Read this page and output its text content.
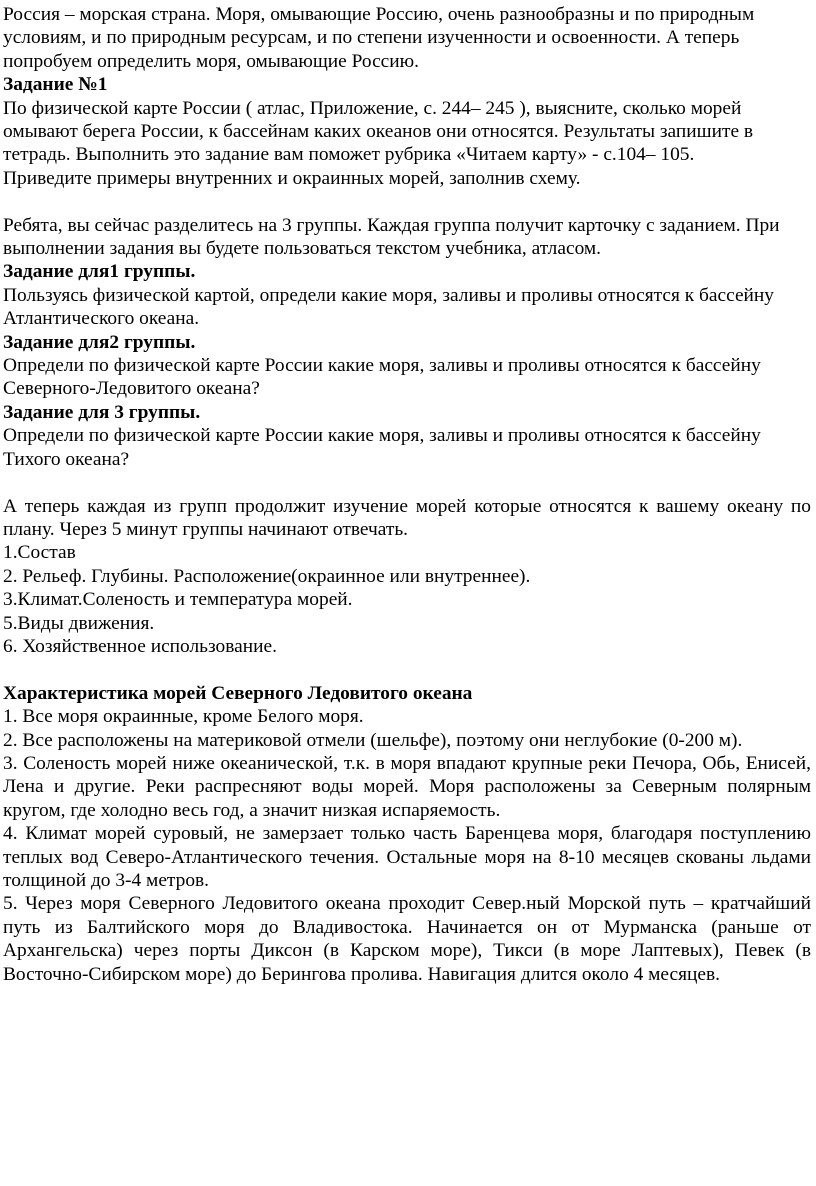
Россия – морская страна. Моря, омывающие Россию, очень разнообразны и по природным условиям, и по природным ресурсам, и по степени изученности и освоенности. А теперь попробуем определить моря, омывающие Россию.

Задание №1

По физической карте России ( атлас, Приложение, с. 244– 245 ), выясните, сколько морей омывают берега России, к бассейнам каких океанов они относятся. Результаты запишите в тетрадь. Выполнить это задание вам поможет рубрика «Читаем карту» - с.104– 105.

Приведите примеры внутренних и окраинных морей, заполнив схему.

Ребята, вы сейчас разделитесь на 3 группы. Каждая группа получит карточку с заданием. При выполнении задания вы будете пользоваться текстом учебника, атласом.

Задание для1 группы.

Пользуясь физической картой, определи какие моря, заливы и проливы относятся к бассейну Атлантического океана.

Задание для2 группы.

Определи по физической карте России какие моря, заливы и проливы относятся к бассейну Северного-Ледовитого океана?

Задание для 3 группы.

Определи по физической карте России какие моря, заливы и проливы относятся к бассейну Тихого океана?

А теперь каждая из групп продолжит изучение морей которые относятся к вашему океану по плану. Через 5 минут группы начинают отвечать.

1.Состав

2. Рельеф. Глубины. Расположение(окраинное или внутреннее).

3.Климат.Соленость и температура морей.

5.Виды движения.

6. Хозяйственное использование.

Характеристика морей Северного Ледовитого океана

1. Все моря окраинные, кроме Белого моря.

2. Все расположены на материковой отмели (шельфе), поэтому они неглубокие (0-200 м).

3. Соленость морей ниже океанической, т.к. в моря впадают крупные реки Печора, Обь, Енисей, Лена и другие. Реки распресняют воды морей. Моря расположены за Северным полярным кругом, где холодно весь год, а значит низкая испаряемость.

4. Климат морей суровый, не замерзает только часть Баренцева моря, благодаря поступлению теплых вод Северо-Атлантического течения. Остальные моря на 8-10 месяцев скованы льдами толщиной до 3-4 метров.

5. Через моря Северного Ледовитого океана проходит Север.ный Морской путь – кратчайший путь из Балтийского моря до Владивостока. Начинается он от Мурманска (раньше от Архангельска) через порты Диксон (в Карском море), Тикси (в море Лаптевых), Певек (в Восточно-Сибирском море) до Берингова пролива. Навигация длится около 4 месяцев.
